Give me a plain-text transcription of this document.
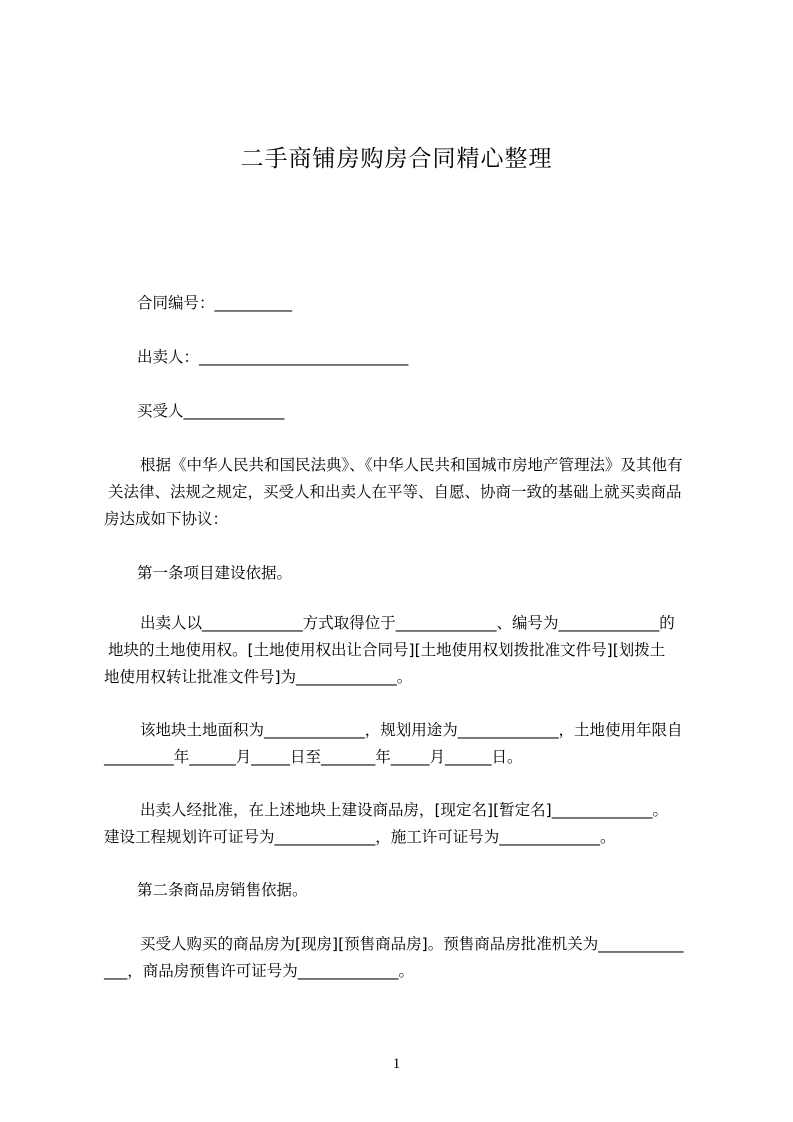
二手商铺房购房合同精心整理
合同编号：__________
出卖人：___________________________
买受人_____________
根据《中华人民共和国民法典》、《中华人民共和国城市房地产管理法》及其他有
关法律、法规之规定，买受人和出卖人在平等、自愿、协商一致的基础上就买卖商品
房达成如下协议：
第一条项目建设依据。
出卖人以_____________方式取得位于_____________、编号为_____________的
地块的土地使用权。[土地使用权出让合同号][土地使用权划拨批准文件号][划拨土
地使用权转让批准文件号]为_____________。
该地块土地面积为_____________，规划用途为_____________，土地使用年限自
_________年______月_____日至_______年_____月______日。
出卖人经批准，在上述地块上建设商品房，[现定名][暂定名]_____________。
建设工程规划许可证号为_____________，施工许可证号为_____________。
第二条商品房销售依据。
买受人购买的商品房为[现房][预售商品房]。预售商品房批准机关为___________
___，商品房预售许可证号为_____________。
1
